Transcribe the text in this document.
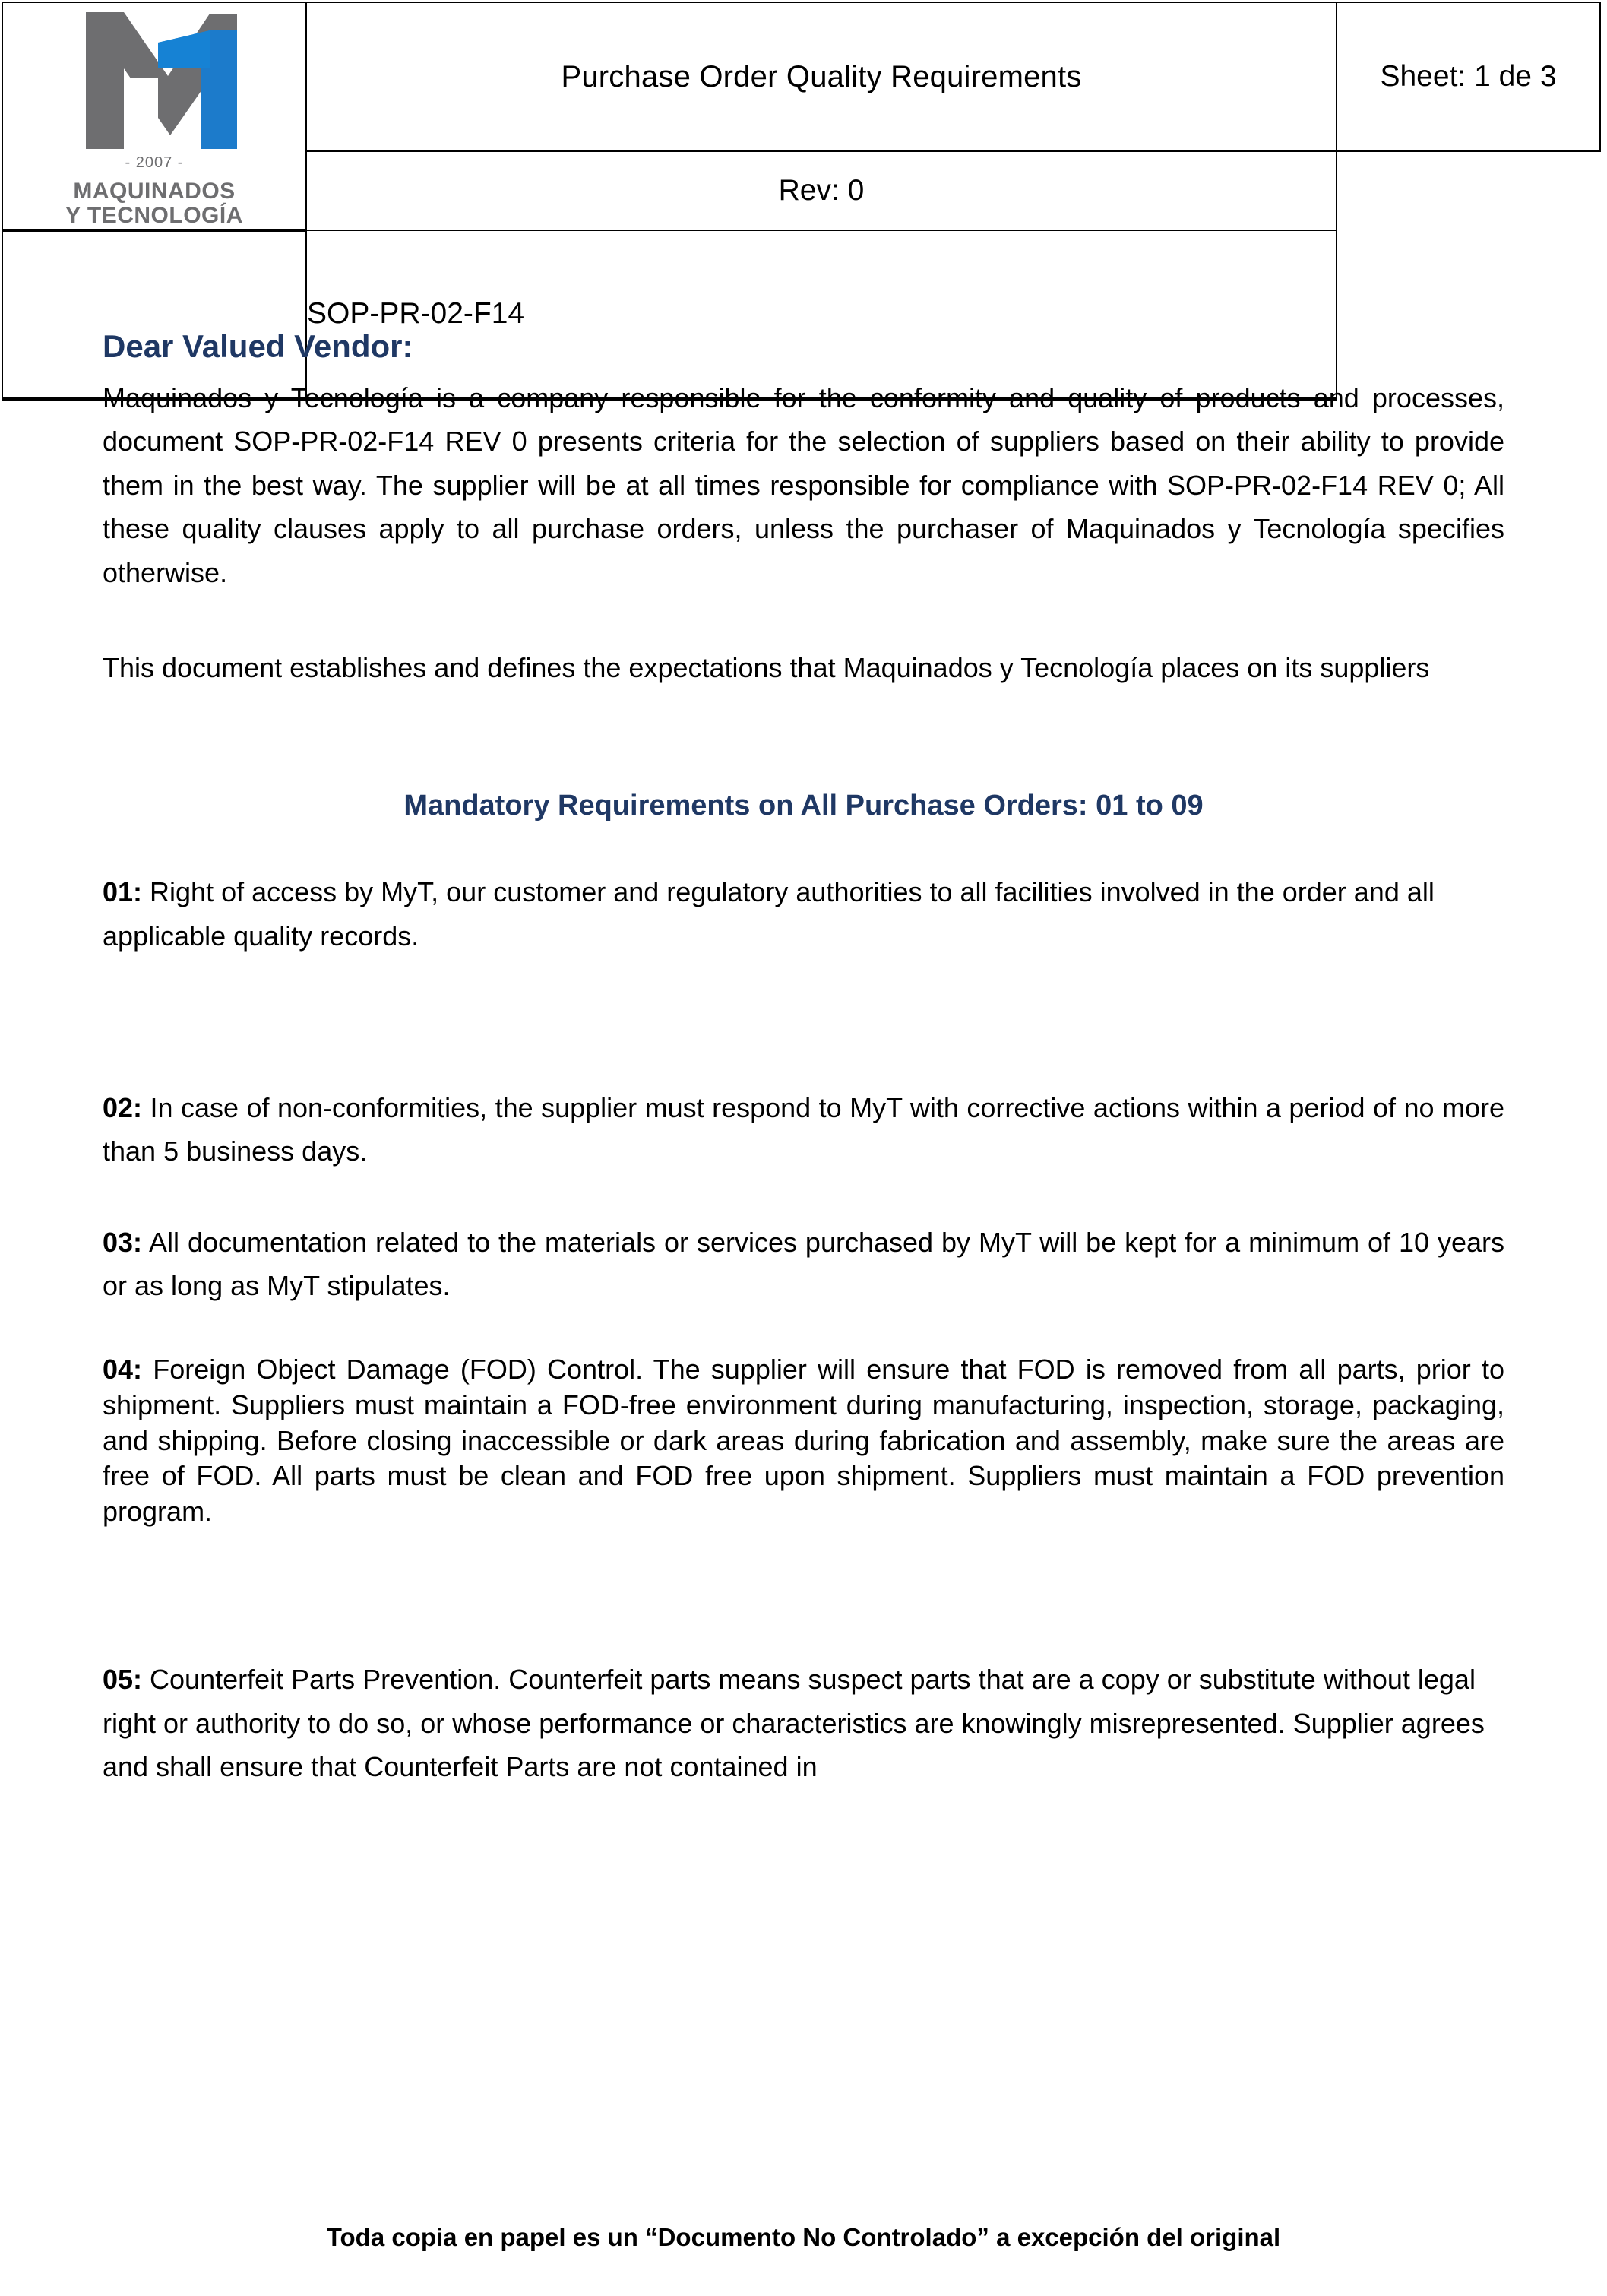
- 2007 -
MAQUINADOS
Y TECNOLOGÍA	Purchase Order Quality Requirements	Sheet: 1 de 3
	Rev: 0	
	SOP-PR-02-F14	
Dear Valued Vendor:

Maquinados y Tecnología is a company responsible for the conformity and quality of products and processes, document SOP-PR-02-F14 REV 0 presents criteria for the selection of suppliers based on their ability to provide them in the best way. The supplier will be at all times responsible for compliance with SOP-PR-02-F14 REV 0; All these quality clauses apply to all purchase orders, unless the purchaser of Maquinados y Tecnología specifies otherwise.

This document establishes and defines the expectations that Maquinados y Tecnología places on its suppliers

Mandatory Requirements on All Purchase Orders: 01 to 09

01: Right of access by MyT, our customer and regulatory authorities to all facilities involved in the order and all applicable quality records.

02: In case of non-conformities, the supplier must respond to MyT with corrective actions within a period of no more than 5 business days.

03: All documentation related to the materials or services purchased by MyT will be kept for a minimum of 10 years or as long as MyT stipulates.

04: Foreign Object Damage (FOD) Control. The supplier will ensure that FOD is removed from all parts, prior to shipment. Suppliers must maintain a FOD-free environment during manufacturing, inspection, storage, packaging, and shipping. Before closing inaccessible or dark areas during fabrication and assembly, make sure the areas are free of FOD. All parts must be clean and FOD free upon shipment. Suppliers must maintain a FOD prevention program.

05: Counterfeit Parts Prevention. Counterfeit parts means suspect parts that are a copy or substitute without legal right or authority to do so, or whose performance or characteristics are knowingly misrepresented. Supplier agrees and shall ensure that Counterfeit Parts are not contained in

Toda copia en papel es un “Documento No Controlado” a excepción del original
